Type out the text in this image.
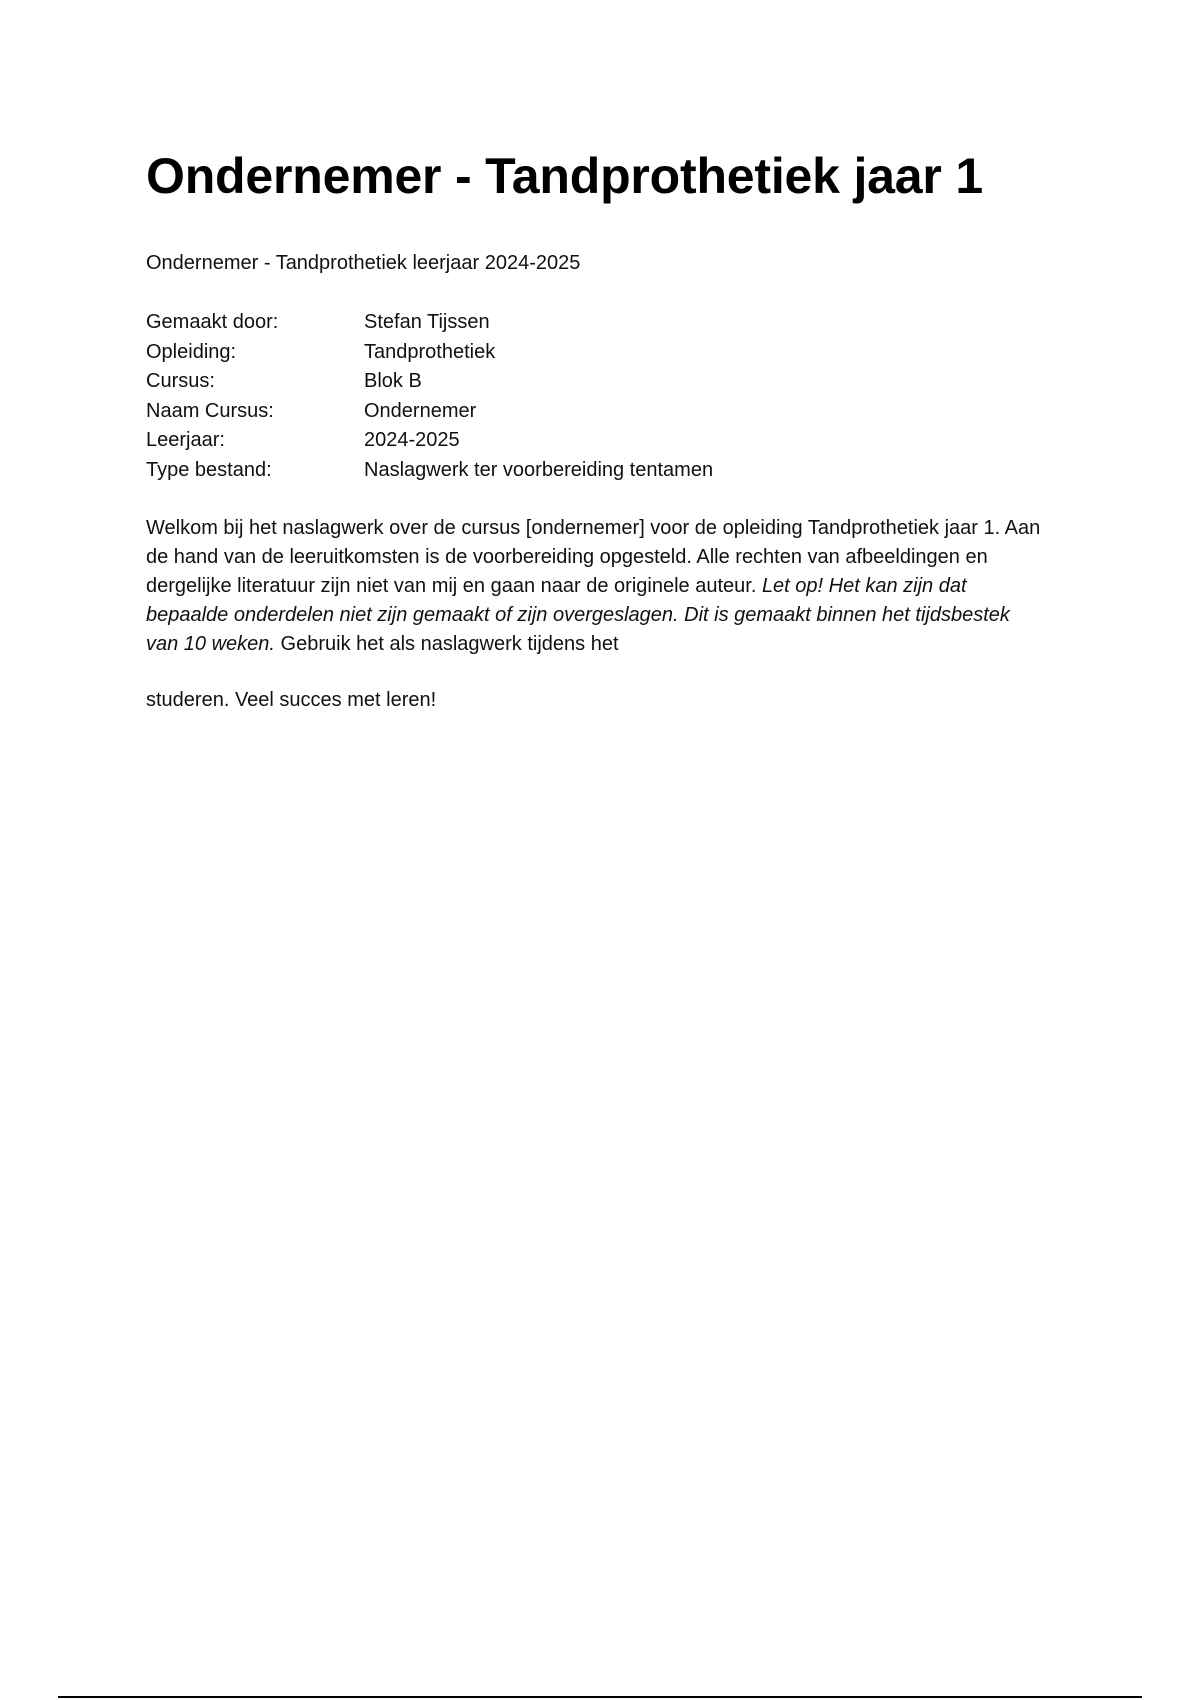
Ondernemer - Tandprothetiek jaar 1
Ondernemer - Tandprothetiek leerjaar 2024-2025
Gemaakt door:	Stefan Tijssen
Opleiding:	Tandprothetiek
Cursus:	Blok B
Naam Cursus:	Ondernemer
Leerjaar:	2024-2025
Type bestand:	Naslagwerk ter voorbereiding tentamen

Welkom bij het naslagwerk over de cursus [ondernemer] voor de opleiding Tandprothetiek jaar 1. Aan de hand van de leeruitkomsten is de voorbereiding opgesteld. Alle rechten van afbeeldingen en dergelijke literatuur zijn niet van mij en gaan naar de originele auteur. Let op! Het kan zijn dat bepaalde onderdelen niet zijn gemaakt of zijn overgeslagen. Dit is gemaakt binnen het tijdsbestek van 10 weken. Gebruik het als naslagwerk tijdens het

studeren. Veel succes met leren!
